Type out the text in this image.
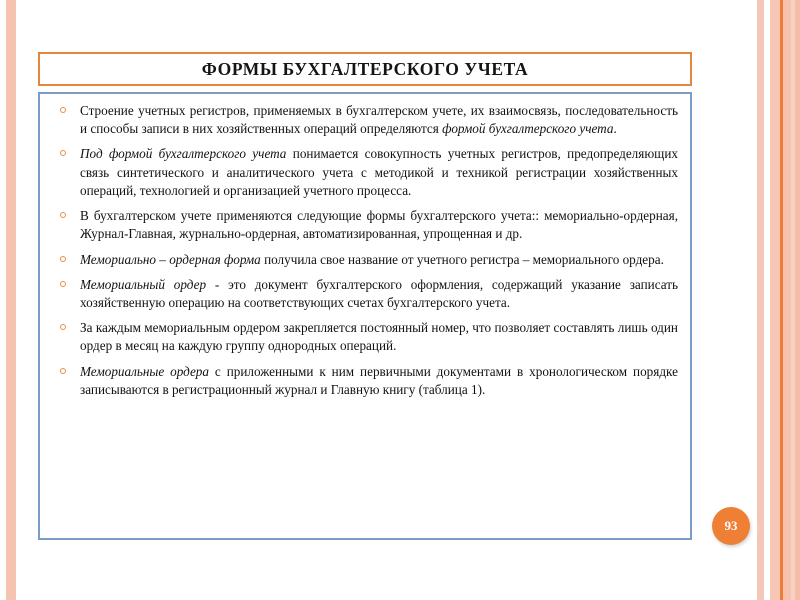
ФОРМЫ БУХГАЛТЕРСКОГО УЧЕТА
Строение учетных регистров, применяемых в бухгалтерском учете, их взаимосвязь, последовательность и способы записи в них хозяйственных операций определяются формой бухгалтерского учета.
Под формой бухгалтерского учета понимается совокупность учетных регистров, предопределяющих связь синтетического и аналитического учета с методикой и техникой регистрации хозяйственных операций, технологией и организацией учетного процесса.
В бухгалтерском учете применяются следующие формы бухгалтерского учета:: мемориально-ордерная, Журнал-Главная, журнально-ордерная, автоматизированная, упрощенная и др.
Мемориально – ордерная форма получила свое название от учетного регистра – мемориального ордера.
Мемориальный ордер - это документ бухгалтерского оформления, содержащий указание записать хозяйственную операцию на соответствующих счетах бухгалтерского учета.
За каждым мемориальным ордером закрепляется постоянный номер, что позволяет составлять лишь один ордер в месяц на каждую группу однородных операций.
Мемориальные ордера с приложенными к ним первичными документами в хронологическом порядке записываются в регистрационный журнал и Главную книгу (таблица 1).
93
